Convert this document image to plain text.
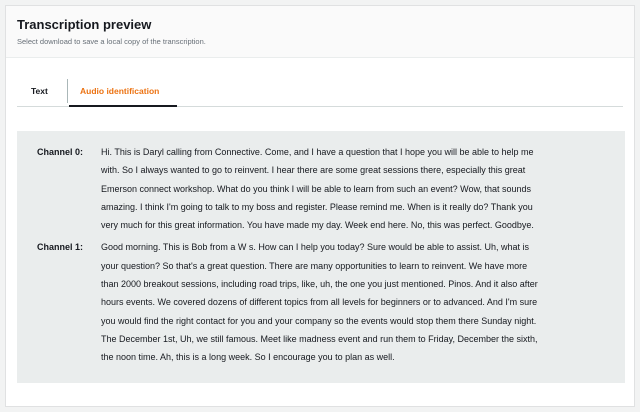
Transcription preview
Select download to save a local copy of the transcription.
Text	Audio identification
Channel 0:	Hi. This is Daryl calling from Connective. Come, and I have a question that I hope you will be able to help me with. So I always wanted to go to reinvent. I hear there are some great sessions there, especially this great Emerson connect workshop. What do you think I will be able to learn from such an event? Wow, that sounds amazing. I think I'm going to talk to my boss and register. Please remind me. When is it really do? Thank you very much for this great information. You have made my day. Week end here. No, this was perfect. Goodbye.
Channel 1:	Good morning. This is Bob from a W s. How can I help you today? Sure would be able to assist. Uh, what is your question? So that's a great question. There are many opportunities to learn to reinvent. We have more than 2000 breakout sessions, including road trips, like, uh, the one you just mentioned. Pinos. And it also after hours events. We covered dozens of different topics from all levels for beginners or to advanced. And I'm sure you would find the right contact for you and your company so the events would stop them there Sunday night. The December 1st, Uh, we still famous. Meet like madness event and run them to Friday, December the sixth, the noon time. Ah, this is a long week. So I encourage you to plan as well.
